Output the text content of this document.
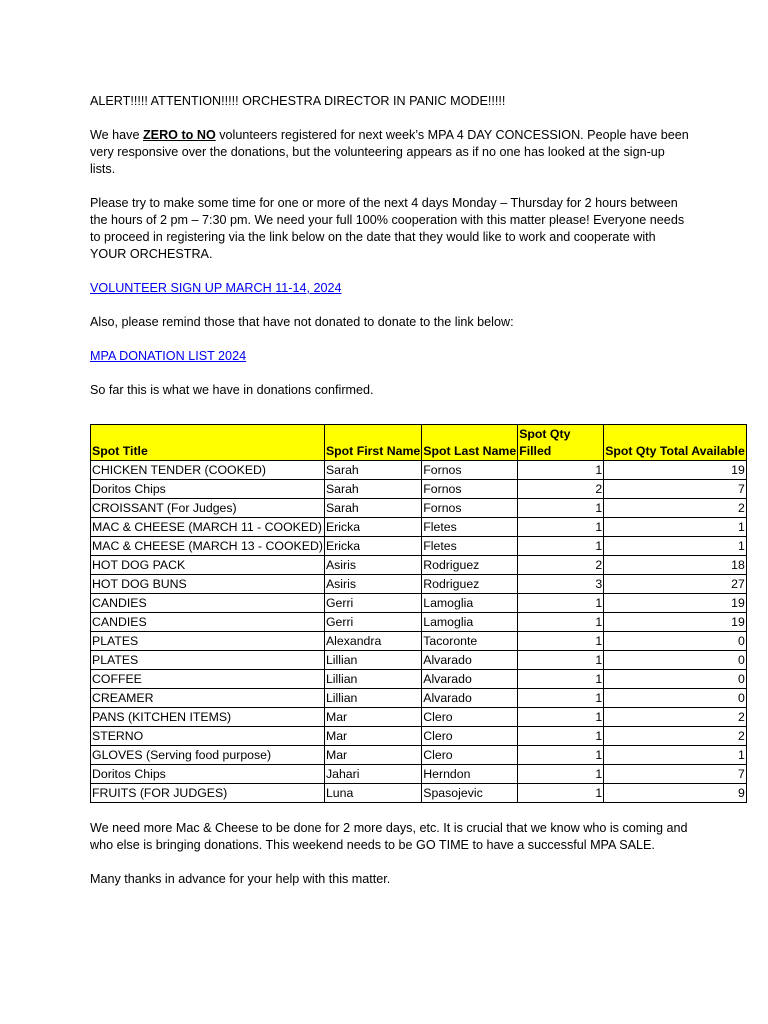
ALERT!!!!! ATTENTION!!!!! ORCHESTRA DIRECTOR IN PANIC MODE!!!!!

We have ZERO to NO volunteers registered for next week’s MPA 4 DAY CONCESSION. People have been very responsive over the donations, but the volunteering appears as if no one has looked at the sign-up lists.

Please try to make some time for one or more of the next 4 days Monday – Thursday for 2 hours between the hours of 2 pm – 7:30 pm. We need your full 100% cooperation with this matter please! Everyone needs to proceed in registering via the link below on the date that they would like to work and cooperate with YOUR ORCHESTRA.

VOLUNTEER SIGN UP MARCH 11-14, 2024

Also, please remind those that have not donated to donate to the link below:

MPA DONATION LIST 2024

So far this is what we have in donations confirmed.

Spot Title	Spot First Name	Spot Last Name	Spot Qty Filled	Spot Qty Total Available
CHICKEN TENDER (COOKED)	Sarah	Fornos	1	19
Doritos Chips	Sarah	Fornos	2	7
CROISSANT (For Judges)	Sarah	Fornos	1	2
MAC & CHEESE (MARCH 11 - COOKED)	Ericka	Fletes	1	1
MAC & CHEESE (MARCH 13 - COOKED)	Ericka	Fletes	1	1
HOT DOG PACK	Asiris	Rodriguez	2	18
HOT DOG BUNS	Asiris	Rodriguez	3	27
CANDIES	Gerri	Lamoglia	1	19
CANDIES	Gerri	Lamoglia	1	19
PLATES	Alexandra	Tacoronte	1	0
PLATES	Lillian	Alvarado	1	0
COFFEE	Lillian	Alvarado	1	0
CREAMER	Lillian	Alvarado	1	0
PANS (KITCHEN ITEMS)	Mar	Clero	1	2
STERNO	Mar	Clero	1	2
GLOVES (Serving food purpose)	Mar	Clero	1	1
Doritos Chips	Jahari	Herndon	1	7
FRUITS (FOR JUDGES)	Luna	Spasojevic	1	9

We need more Mac & Cheese to be done for 2 more days, etc. It is crucial that we know who is coming and who else is bringing donations. This weekend needs to be GO TIME to have a successful MPA SALE.

Many thanks in advance for your help with this matter.
